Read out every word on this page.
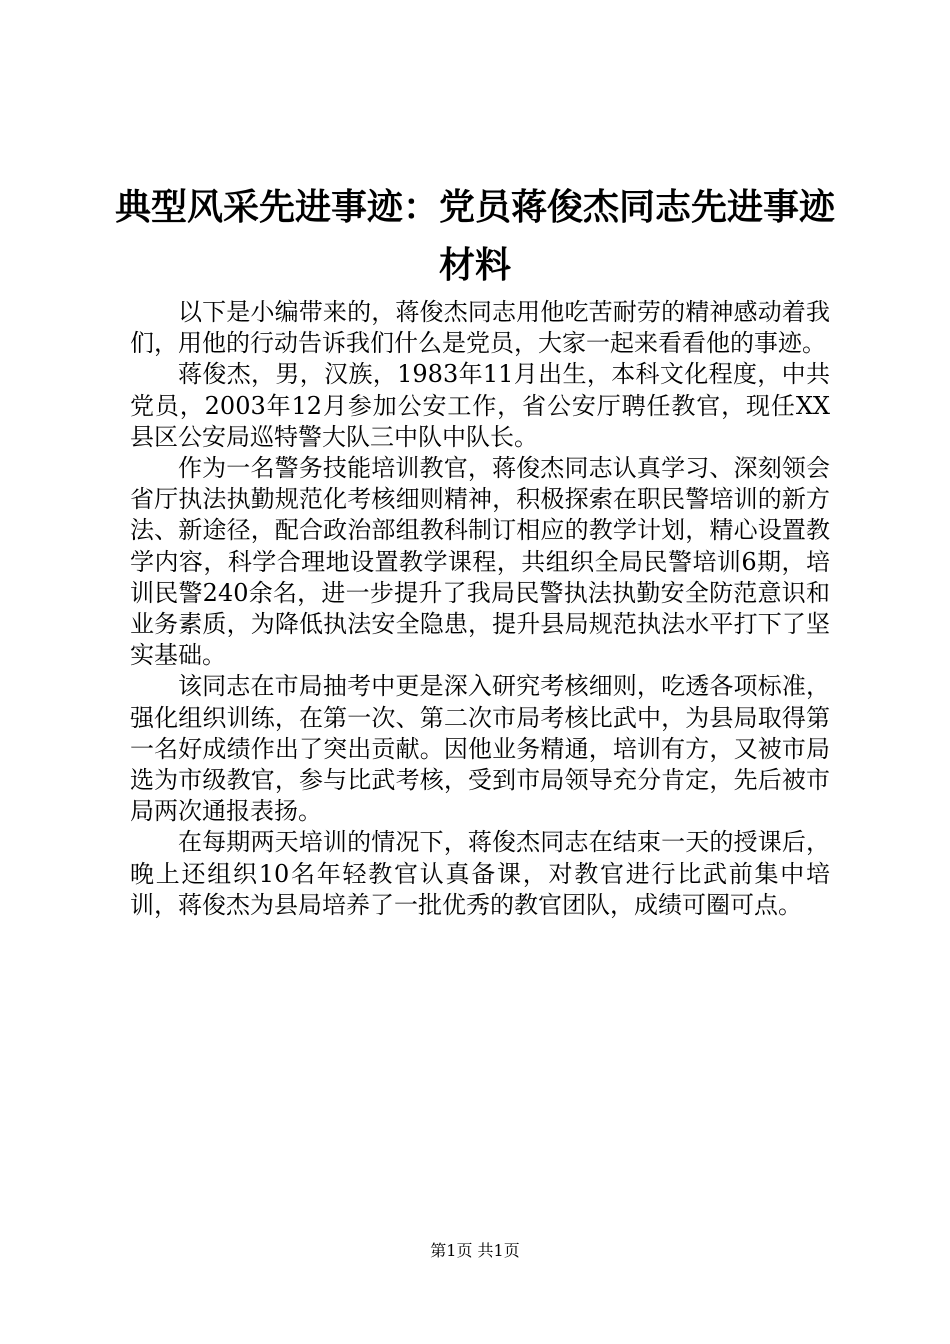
典型风采先进事迹：党员蒋俊杰同志先进事迹材料

以下是小编带来的，蒋俊杰同志用他吃苦耐劳的精神感动着我们，用他的行动告诉我们什么是党员，大家一起来看看他的事迹。

蒋俊杰，男，汉族，1983年11月出生，本科文化程度，中共党员，2003年12月参加公安工作，省公安厅聘任教官，现任XX县区公安局巡特警大队三中队中队长。

作为一名警务技能培训教官，蒋俊杰同志认真学习、深刻领会省厅执法执勤规范化考核细则精神，积极探索在职民警培训的新方法、新途径，配合政治部组教科制订相应的教学计划，精心设置教学内容，科学合理地设置教学课程，共组织全局民警培训6期，培训民警240余名，进一步提升了我局民警执法执勤安全防范意识和业务素质，为降低执法安全隐患，提升县局规范执法水平打下了坚实基础。

该同志在市局抽考中更是深入研究考核细则，吃透各项标准，强化组织训练，在第一次、第二次市局考核比武中，为县局取得第一名好成绩作出了突出贡献。因他业务精通，培训有方，又被市局选为市级教官，参与比武考核，受到市局领导充分肯定，先后被市局两次通报表扬。

在每期两天培训的情况下，蒋俊杰同志在结束一天的授课后，晚上还组织10名年轻教官认真备课，对教官进行比武前集中培训，蒋俊杰为县局培养了一批优秀的教官团队，成绩可圈可点。

第1页 共1页
